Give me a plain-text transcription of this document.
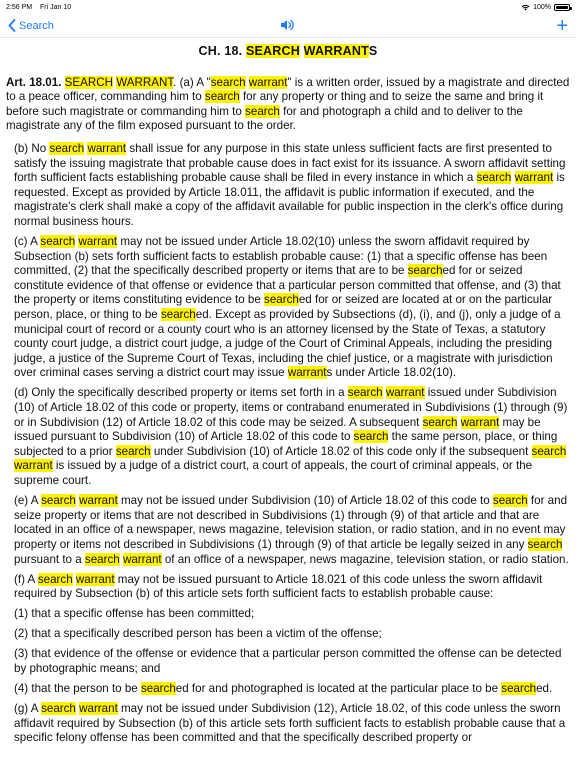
2:56 PM Fri Jan 10	100%
Search	+
CH. 18. SEARCH WARRANTS
Art. 18.01. SEARCH WARRANT. (a) A "search warrant" is a written order, issued by a magistrate and directed to a peace officer, commanding him to search for any property or thing and to seize the same and bring it before such magistrate or commanding him to search for and photograph a child and to deliver to the magistrate any of the film exposed pursuant to the order.
(b) No search warrant shall issue for any purpose in this state unless sufficient facts are first presented to satisfy the issuing magistrate that probable cause does in fact exist for its issuance. A sworn affidavit setting forth sufficient facts establishing probable cause shall be filed in every instance in which a search warrant is requested. Except as provided by Article 18.011, the affidavit is public information if executed, and the magistrate's clerk shall make a copy of the affidavit available for public inspection in the clerk's office during normal business hours.
(c) A search warrant may not be issued under Article 18.02(10) unless the sworn affidavit required by Subsection (b) sets forth sufficient facts to establish probable cause: (1) that a specific offense has been committed, (2) that the specifically described property or items that are to be searched for or seized constitute evidence of that offense or evidence that a particular person committed that offense, and (3) that the property or items constituting evidence to be searched for or seized are located at or on the particular person, place, or thing to be searched. Except as provided by Subsections (d), (i), and (j), only a judge of a municipal court of record or a county court who is an attorney licensed by the State of Texas, a statutory county court judge, a district court judge, a judge of the Court of Criminal Appeals, including the presiding judge, a justice of the Supreme Court of Texas, including the chief justice, or a magistrate with jurisdiction over criminal cases serving a district court may issue warrants under Article 18.02(10).
(d) Only the specifically described property or items set forth in a search warrant issued under Subdivision (10) of Article 18.02 of this code or property, items or contraband enumerated in Subdivisions (1) through (9) or in Subdivision (12) of Article 18.02 of this code may be seized. A subsequent search warrant may be issued pursuant to Subdivision (10) of Article 18.02 of this code to search the same person, place, or thing subjected to a prior search under Subdivision (10) of Article 18.02 of this code only if the subsequent search warrant is issued by a judge of a district court, a court of appeals, the court of criminal appeals, or the supreme court.
(e) A search warrant may not be issued under Subdivision (10) of Article 18.02 of this code to search for and seize property or items that are not described in Subdivisions (1) through (9) of that article and that are located in an office of a newspaper, news magazine, television station, or radio station, and in no event may property or items not described in Subdivisions (1) through (9) of that article be legally seized in any search pursuant to a search warrant of an office of a newspaper, news magazine, television station, or radio station.
(f) A search warrant may not be issued pursuant to Article 18.021 of this code unless the sworn affidavit required by Subsection (b) of this article sets forth sufficient facts to establish probable cause:
(1) that a specific offense has been committed;
(2) that a specifically described person has been a victim of the offense;
(3) that evidence of the offense or evidence that a particular person committed the offense can be detected by photographic means; and
(4) that the person to be searched for and photographed is located at the particular place to be searched.
(g) A search warrant may not be issued under Subdivision (12), Article 18.02, of this code unless the sworn affidavit required by Subsection (b) of this article sets forth sufficient facts to establish probable cause that a specific felony offense has been committed and that the specifically described property or
